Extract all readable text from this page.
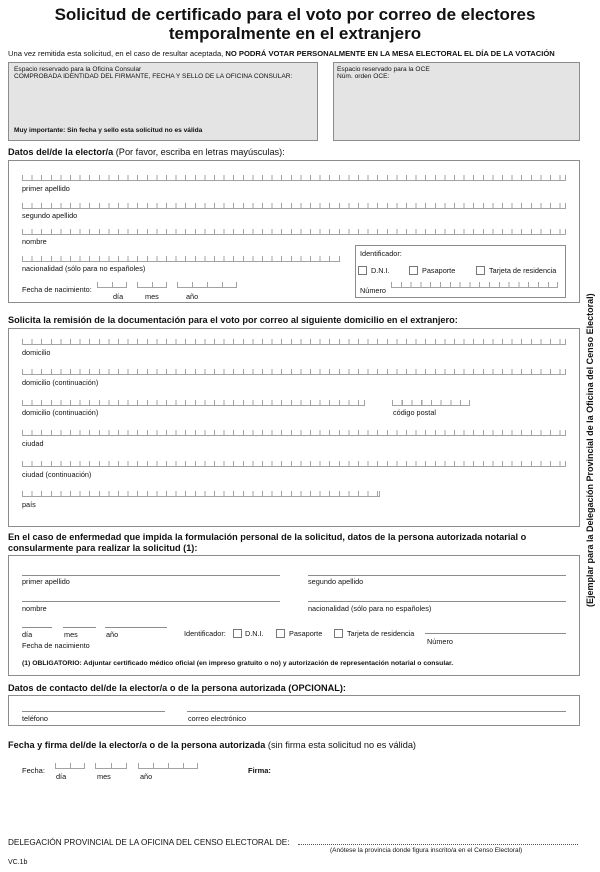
Solicitud de certificado para el voto por correo de electores
temporalmente en el extranjero
Una vez remitida esta solicitud, en el caso de resultar aceptada, NO PODRÁ VOTAR PERSONALMENTE EN LA MESA ELECTORAL EL DÍA DE LA VOTACIÓN
Espacio reservado para la Oficina Consular
COMPROBADA IDENTIDAD DEL FIRMANTE, FECHA Y SELLO DE LA OFICINA CONSULAR:
Muy importante: Sin fecha y sello esta solicitud no es válida
Espacio reservado para la OCE
Núm. orden OCE:
Datos del/de la elector/a (Por favor, escriba en letras mayúsculas):
primer apellido
segundo apellido
nombre
nacionalidad (sólo para no españoles)
Fecha de nacimiento:
día	mes	año
Identificador:
D.N.I.	Pasaporte	Tarjeta de residencia
Número
Solicita la remisión de la documentación para el voto por correo al siguiente domicilio en el extranjero:
domicilio
domicilio (continuación)
domicilio (continuación)	código postal
ciudad
ciudad (continuación)
país
En el caso de enfermedad que impida la formulación personal de la solicitud, datos de la persona autorizada notarial o
consularmente para realizar la solicitud (1):
primer apellido	segundo apellido
nombre	nacionalidad (sólo para no españoles)
día	mes	año
Fecha de nacimiento
Identificador:	D.N.I.	Pasaporte	Tarjeta de residencia
Número
(1) OBLIGATORIO: Adjuntar certificado médico oficial (en impreso gratuito o no) y autorización de representación notarial o consular.
Datos de contacto del/de la elector/a o de la persona autorizada (OPCIONAL):
teléfono	correo electrónico
Fecha y firma del/de la elector/a o de la persona autorizada (sin firma esta solicitud no es válida)
Fecha:
día	mes	año
Firma:
DELEGACIÓN PROVINCIAL DE LA OFICINA DEL CENSO ELECTORAL DE:
(Anótese la provincia donde figura inscrito/a en el Censo Electoral)
VC.1b
(Ejemplar para la Delegación Provincial de la Oficina del Censo Electoral)
